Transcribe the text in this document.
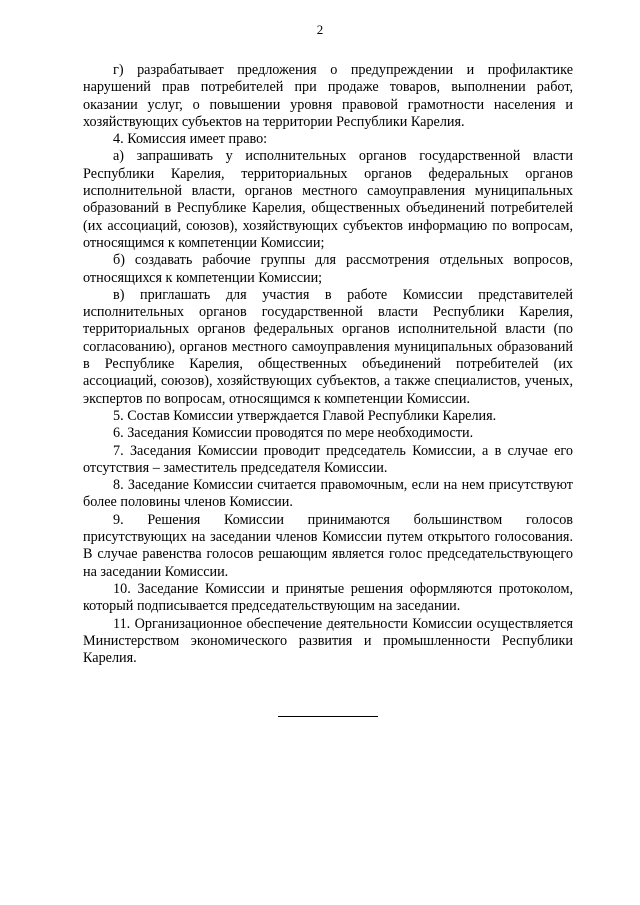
2

г) разрабатывает предложения о предупреждении и профилактике нарушений прав потребителей при продаже товаров, выполнении работ, оказании услуг, о повышении уровня правовой грамотности населения и хозяйствующих субъектов на территории Республики Карелия.

4. Комиссия имеет право:

а) запрашивать у исполнительных органов государственной власти Республики Карелия, территориальных органов федеральных органов исполнительной власти, органов местного самоуправления муниципальных образований в Республике Карелия, общественных объединений потребителей (их ассоциаций, союзов), хозяйствующих субъектов информацию по вопросам, относящимся к компетенции Комиссии;

б) создавать рабочие группы для рассмотрения отдельных вопросов, относящихся к компетенции Комиссии;

в) приглашать для участия в работе Комиссии представителей исполнительных органов государственной власти Республики Карелия, территориальных органов федеральных органов исполнительной власти (по согласованию), органов местного самоуправления муниципальных образований в Республике Карелия, общественных объединений потребителей (их ассоциаций, союзов), хозяйствующих субъектов, а также специалистов, ученых, экспертов по вопросам, относящимся к компетенции Комиссии.

5. Состав Комиссии утверждается Главой Республики Карелия.

6. Заседания Комиссии проводятся по мере необходимости.

7. Заседания Комиссии проводит председатель Комиссии, а в случае его отсутствия – заместитель председателя Комиссии.

8. Заседание Комиссии считается правомочным, если на нем присутствуют более половины членов Комиссии.

9. Решения Комиссии принимаются большинством голосов присутствующих на заседании членов Комиссии путем открытого голосования. В случае равенства голосов решающим является голос председательствующего на заседании Комиссии.

10. Заседание Комиссии и принятые решения оформляются протоколом, который подписывается председательствующим на заседании.

11. Организационное обеспечение деятельности Комиссии осуществляется Министерством экономического развития и промышленности Республики Карелия.
